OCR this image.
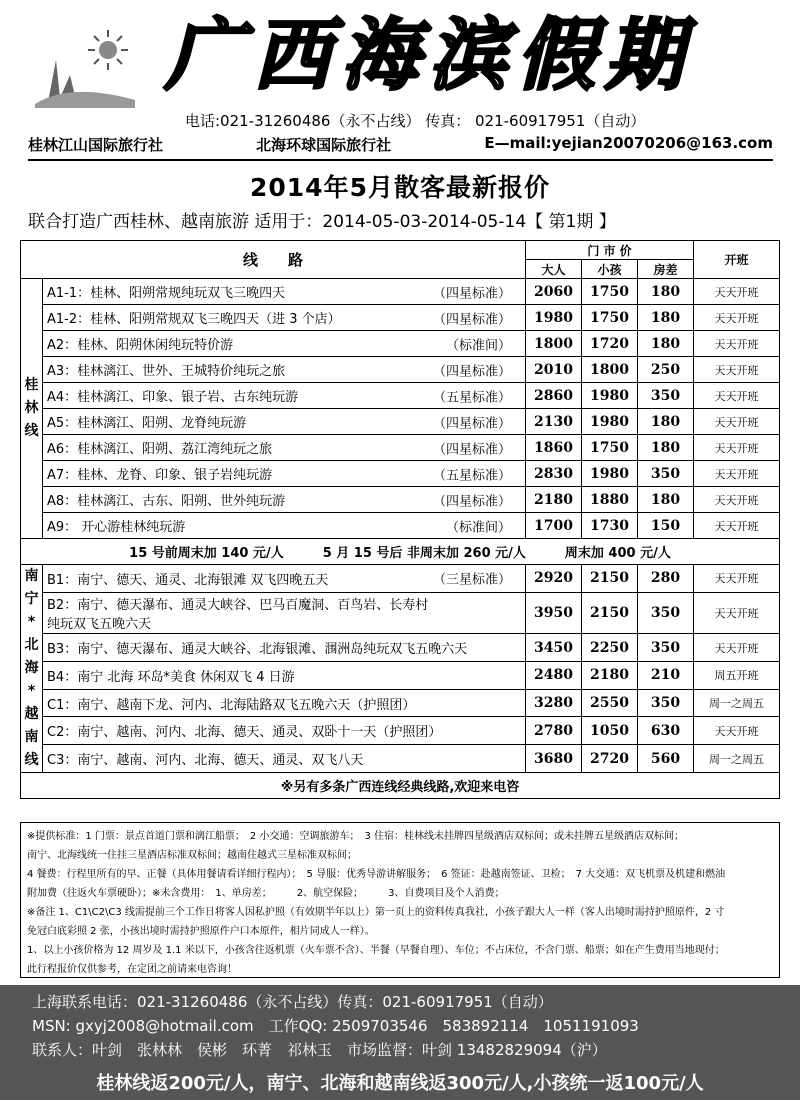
广西海滨假期
电话:021-31260486（永不占线） 传真： 021-60917951（自动）
桂林江山国际旅行社	北海环球国际旅行社	E—mail:yejian20070206@163.com
2014年5月散客最新报价
联合打造广西桂林、越南旅游 适用于：2014-05-03-2014-05-14【 第1期 】
线　　路		门 市 价			开班
		大人	小孩	房差	
桂林线	A1-1：桂林、阳朔常规纯玩双飞三晚四天 （四星标准）	2060	1750	180	天天开班

	A1-2：桂林、阳朔常规双飞三晚四天（进 3 个店） （四星标准）	1980	1750	180	天天开班

	A2：桂林、阳朔休闲纯玩特价游 （标准间）	1800	1720	180	天天开班

	A3：桂林漓江、世外、王城特价纯玩之旅 （四星标准）	2010	1800	250	天天开班

	A4：桂林漓江、印象、银子岩、古东纯玩游 （五星标准）	2860	1980	350	天天开班

	A5：桂林漓江、阳朔、龙脊纯玩游 （四星标准）	2130	1980	180	天天开班

	A6：桂林漓江、阳朔、荔江湾纯玩之旅 （四星标准）	1860	1750	180	天天开班

	A7：桂林、龙脊、印象、银子岩纯玩游 （五星标准）	2830	1980	350	天天开班

	A8：桂林漓江、古东、阳朔、世外纯玩游 （四星标准）	2180	1880	180	天天开班

	A9： 开心游桂林纯玩游 （标准间）	1700	1730	150	天天开班
15 号前周末加 140 元/人　　　5 月 15 号后 非周末加 260 元/人　　　周末加 400 元/人					
南宁*北海*越南线	B1：南宁、德天、通灵、北海银滩 双飞四晚五天 （三星标准）	2920	2150	280	天天开班

	B2：南宁、德天瀑布、通灵大峡谷、巴马百魔洞、百鸟岩、长寿村
纯玩双飞五晚六天	3950	2150	350	天天开班

	B3：南宁、德天瀑布、通灵大峡谷、北海银滩、涠洲岛纯玩双飞五晚六天	3450	2250	350	天天开班

	B4：南宁 北海 环岛*美食 休闲双飞 4 日游	2480	2180	210	周五开班

	C1：南宁、越南下龙、河内、北海陆路双飞五晚六天（护照团）	3280	2550	350	周一之周五

	C2：南宁、越南、河内、北海、德天、通灵、双卧十一天（护照团）	2780	1050	630	天天开班

	C3：南宁、越南、河内、北海、德天、通灵、双飞八天	3680	2720	560	周一之周五
※另有多条广西连线经典线路,欢迎来电咨					

※提供标准：1 门票：景点首道门票和漓江船票；　2 小交通：空调旅游车；　3 住宿：桂林线未挂牌四星级酒店双标间；或未挂牌五星级酒店双标间；

南宁、北海线统一住挂三星酒店标准双标间；越南住越式三星标准双标间；

4 餐费：行程里所有的早、正餐（具体用餐请看详细行程内）；　5 导服：优秀导游讲解服务；　6 签证：赴越南签证、卫检；　7 大交通：双飞机票及机建和燃油

附加费（往返火车票硬卧）；※未含费用：　1、单房差；　　　2、航空保险；　　　3、自费项目及个人消费；

※备注 1、C1\C2\C3 线需提前三个工作日将客人因私护照（有效期半年以上）第一页上的资料传真我社，小孩子跟大人一样（客人出境时需持护照原件，2 寸

免冠白底彩照 2 张，小孩出境时需持护照原件户口本原件，相片同成人一样）。

1、以上小孩价格为 12 周岁及 1.1 米以下，小孩含往返机票（火车票不含）、半餐（早餐自理）、车位；不占床位，不含门票、船票；如在产生费用当地现付；

此行程报价仅供参考，在定团之前请来电咨询！

上海联系电话：021-31260486（永不占线）传真：021-60917951（自动）
MSN: gxyj2008@hotmail.com　工作QQ: 2509703546　583892114　1051191093
联系人：叶剑　张林林　侯彬　环菁　祁林玉　市场监督：叶剑 13482829094（沪）
桂林线返200元/人，南宁、北海和越南线返300元/人,小孩统一返100元/人
